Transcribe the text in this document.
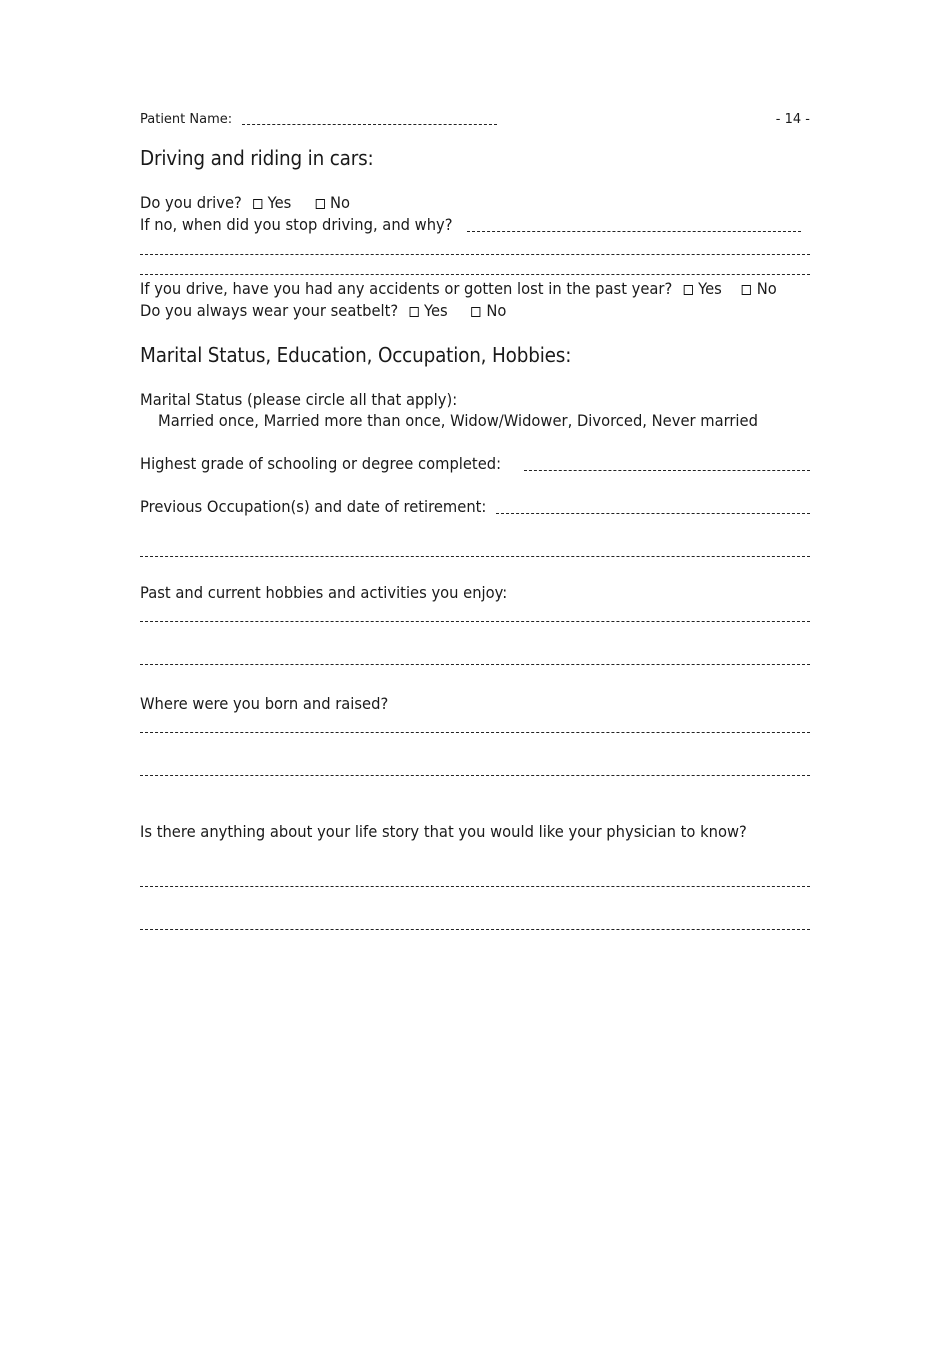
Patient Name:	- 14 -
Driving and riding in cars:
Do you drive? Yes No
If no, when did you stop driving, and why?
If you drive, have you had any accidents or gotten lost in the past year? Yes No
Do you always wear your seatbelt? Yes No
Marital Status, Education, Occupation, Hobbies:
Marital Status (please circle all that apply):
Married once, Married more than once, Widow/Widower, Divorced, Never married
Highest grade of schooling or degree completed:
Previous Occupation(s) and date of retirement:
Past and current hobbies and activities you enjoy:
Where were you born and raised?
Is there anything about your life story that you would like your physician to know?
